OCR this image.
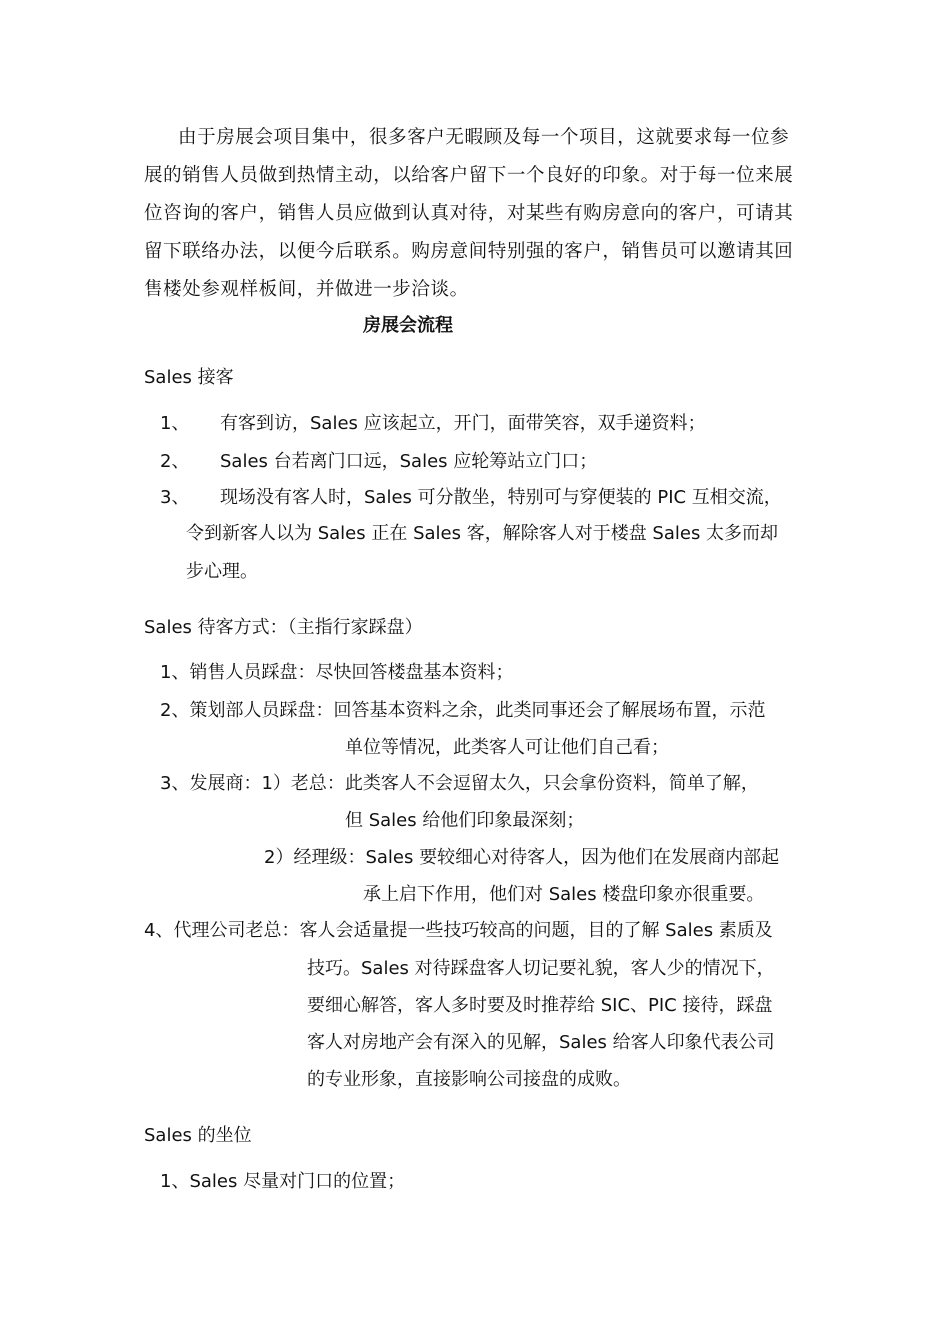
由于房展会项目集中，很多客户无暇顾及每一个项目，这就要求每一位参
展的销售人员做到热情主动，以给客户留下一个良好的印象。对于每一位来展
位咨询的客户，销售人员应做到认真对待，对某些有购房意向的客户，可请其
留下联络办法，以便今后联系。购房意间特别强的客户，销售员可以邀请其回
售楼处参观样板间，并做进一步洽谈。
房展会流程
Sales 接客
1、 有客到访，Sales 应该起立，开门，面带笑容，双手递资料；
2、 Sales 台若离门口远，Sales 应轮筹站立门口；
3、 现场没有客人时，Sales 可分散坐，特别可与穿便装的 PIC 互相交流，
令到新客人以为 Sales 正在 Sales 客，解除客人对于楼盘 Sales 太多而却
步心理。
Sales 待客方式：（主指行家踩盘）
1、销售人员踩盘：尽快回答楼盘基本资料；
2、策划部人员踩盘：回答基本资料之余，此类同事还会了解展场布置，示范
单位等情况，此类客人可让他们自己看；
3、发展商：1）老总：此类客人不会逗留太久，只会拿份资料，简单了解，
但 Sales 给他们印象最深刻；
2）经理级：Sales 要较细心对待客人，因为他们在发展商内部起
承上启下作用，他们对 Sales 楼盘印象亦很重要。
4、代理公司老总：客人会适量提一些技巧较高的问题，目的了解 Sales 素质及
技巧。Sales 对待踩盘客人切记要礼貌，客人少的情况下，
要细心解答，客人多时要及时推荐给 SIC、PIC 接待，踩盘
客人对房地产会有深入的见解，Sales 给客人印象代表公司
的专业形象，直接影响公司接盘的成败。
Sales 的坐位
1、Sales 尽量对门口的位置；
